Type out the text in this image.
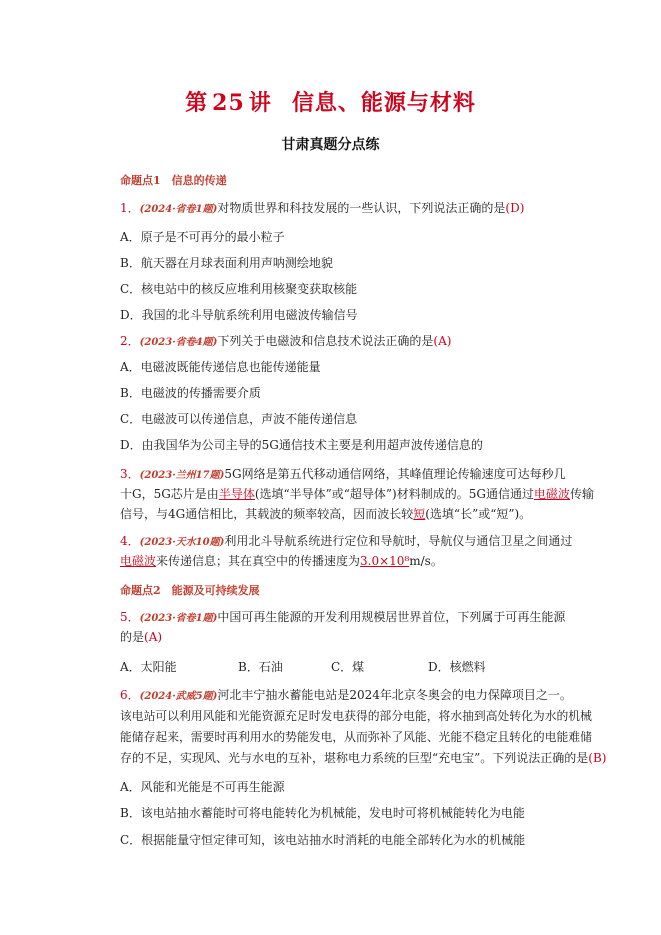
第 25 讲 信息、能源与材料
甘肃真题分点练
命题点1　信息的传递
1．(2024·省卷1题)对物质世界和科技发展的一些认识，下列说法正确的是(D)
A．原子是不可再分的最小粒子
B．航天器在月球表面利用声呐测绘地貌
C．核电站中的核反应堆利用核聚变获取核能
D．我国的北斗导航系统利用电磁波传输信号
2．(2023·省卷4题)下列关于电磁波和信息技术说法正确的是(A)
A．电磁波既能传递信息也能传递能量
B．电磁波的传播需要介质
C．电磁波可以传递信息，声波不能传递信息
D．由我国华为公司主导的5G通信技术主要是利用超声波传递信息的
3．(2023·兰州17题)5G网络是第五代移动通信网络，其峰值理论传输速度可达每秒几
十G，5G芯片是由半导体(选填“半导体”或“超导体”)材料制成的。5G通信通过电磁波传输
信号，与4G通信相比，其载波的频率较高，因而波长较短(选填“长”或“短”)。
4．(2023·天水10题)利用北斗导航系统进行定位和导航时，导航仪与通信卫星之间通过
电磁波来传递信息；其在真空中的传播速度为3.0×10⁸m/s。
命题点2　能源及可持续发展
5．(2023·省卷1题)中国可再生能源的开发利用规模居世界首位，下列属于可再生能源
的是(A)
A．太阳能	B．石油	C．煤	D．核燃料
6．(2024·武威5题)河北丰宁抽水蓄能电站是2024年北京冬奥会的电力保障项目之一。
该电站可以利用风能和光能资源充足时发电获得的部分电能，将水抽到高处转化为水的机械
能储存起来，需要时再利用水的势能发电，从而弥补了风能、光能不稳定且转化的电能难储
存的不足，实现风、光与水电的互补，堪称电力系统的巨型“充电宝”。下列说法正确的是(B)
A．风能和光能是不可再生能源
B．该电站抽水蓄能时可将电能转化为机械能，发电时可将机械能转化为电能
C．根据能量守恒定律可知，该电站抽水时消耗的电能全部转化为水的机械能
